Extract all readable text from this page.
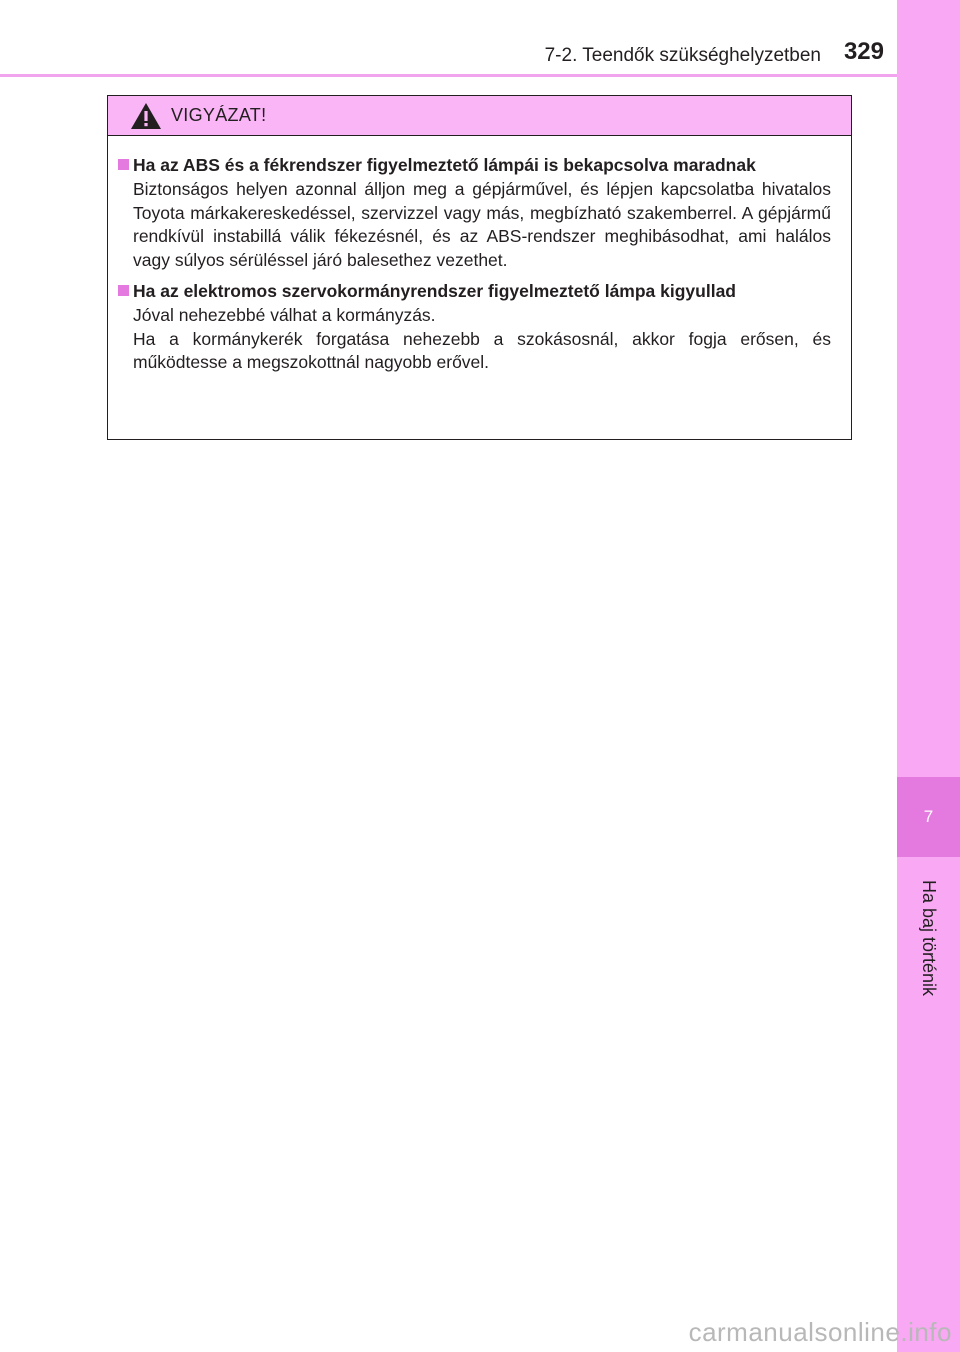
7
Ha baj történik
7-2. Teendők szükséghelyzetben 329
VIGYÁZAT!
Ha az ABS és a fékrendszer figyelmeztető lámpái is bekapcsolva maradnak

Biztonságos helyen azonnal álljon meg a gépjárművel, és lépjen kapcsolatba hivatalos Toyota márkakereskedéssel, szervizzel vagy más, megbízható szakemberrel. A gépjármű rendkívül instabillá válik fékezésnél, és az ABS-rendszer meghibásodhat, ami halálos vagy súlyos sérüléssel járó balesethez vezethet.

Ha az elektromos szervokormányrendszer figyelmeztető lámpa kigyullad

Jóval nehezebbé válhat a kormányzás.

Ha a kormánykerék forgatása nehezebb a szokásosnál, akkor fogja erősen, és működtesse a megszokottnál nagyobb erővel.

carmanualsonline.info
